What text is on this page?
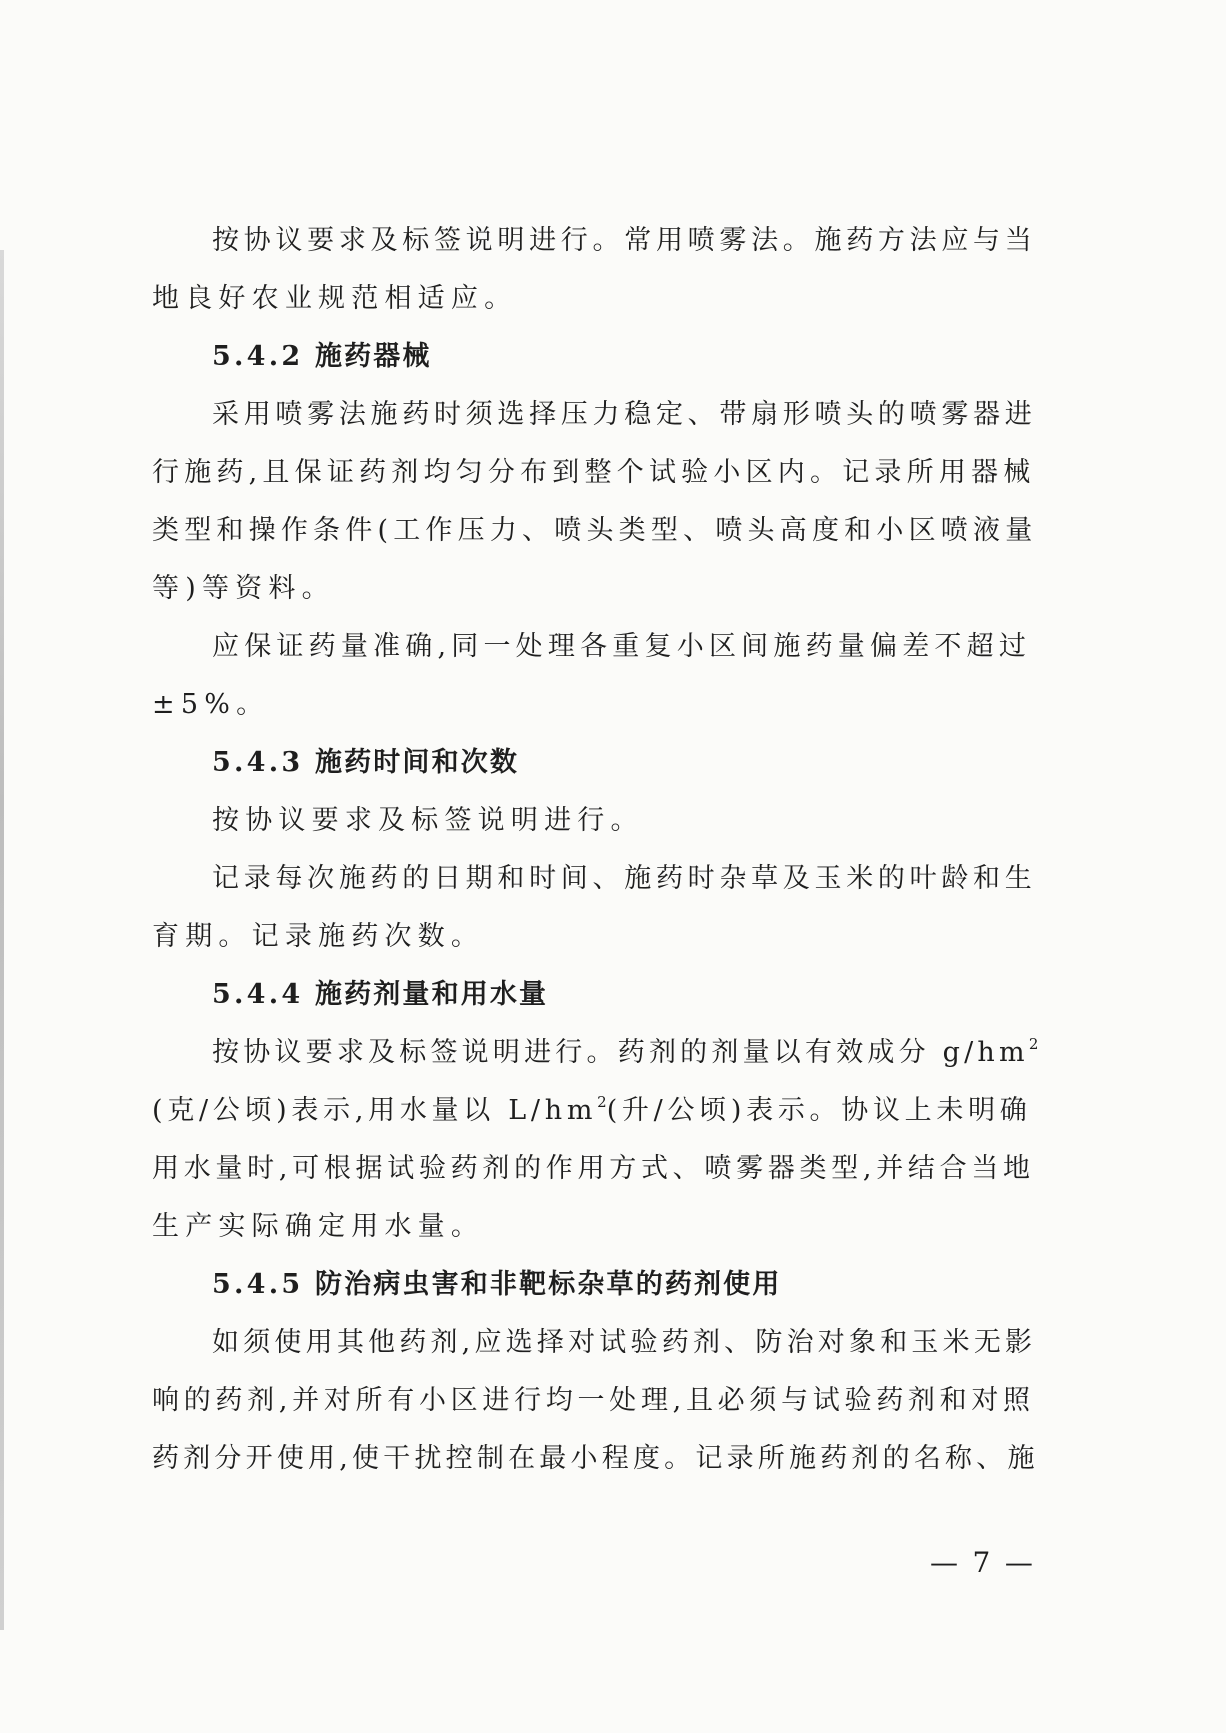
按协议要求及标签说明进行。常用喷雾法。施药方法应与当
地良好农业规范相适应。
5.4.2 施药器械
采用喷雾法施药时须选择压力稳定、带扇形喷头的喷雾器进
行施药,且保证药剂均匀分布到整个试验小区内。记录所用器械
类型和操作条件(工作压力、喷头类型、喷头高度和小区喷液量
等)等资料。
应保证药量准确,同一处理各重复小区间施药量偏差不超过
±5%。
5.4.3 施药时间和次数
按协议要求及标签说明进行。
记录每次施药的日期和时间、施药时杂草及玉米的叶龄和生
育期。记录施药次数。
5.4.4 施药剂量和用水量
按协议要求及标签说明进行。药剂的剂量以有效成分 $g/hm^2$
(克/公顷)表示,用水量以 $L/hm^2$(升/公顷)表示。协议上未明确
用水量时,可根据试验药剂的作用方式、喷雾器类型,并结合当地
生产实际确定用水量。
5.4.5 防治病虫害和非靶标杂草的药剂使用
如须使用其他药剂,应选择对试验药剂、防治对象和玉米无影
响的药剂,并对所有小区进行均一处理,且必须与试验药剂和对照
药剂分开使用,使干扰控制在最小程度。记录所施药剂的名称、施
— 7 —
